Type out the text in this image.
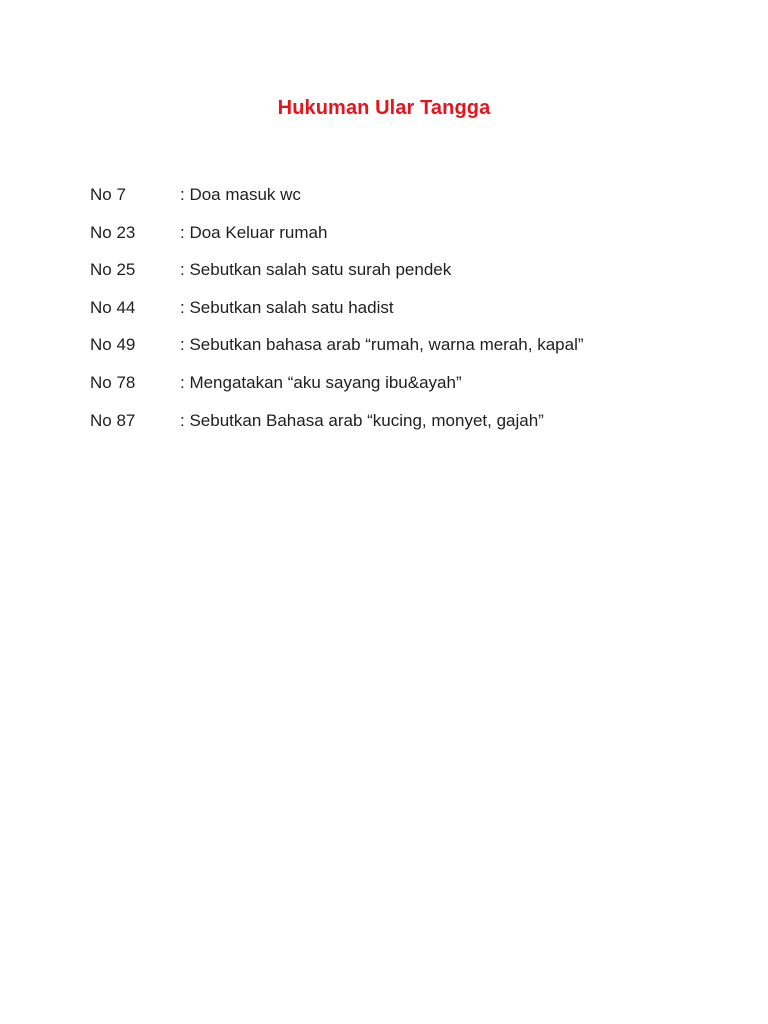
Hukuman Ular Tangga
No 7	: Doa masuk wc
No 23	: Doa Keluar rumah
No 25	: Sebutkan salah satu surah pendek
No 44	: Sebutkan salah satu hadist
No 49	: Sebutkan bahasa arab “rumah, warna merah, kapal”
No 78	: Mengatakan “aku sayang ibu&ayah”
No 87	: Sebutkan Bahasa arab “kucing, monyet, gajah”
